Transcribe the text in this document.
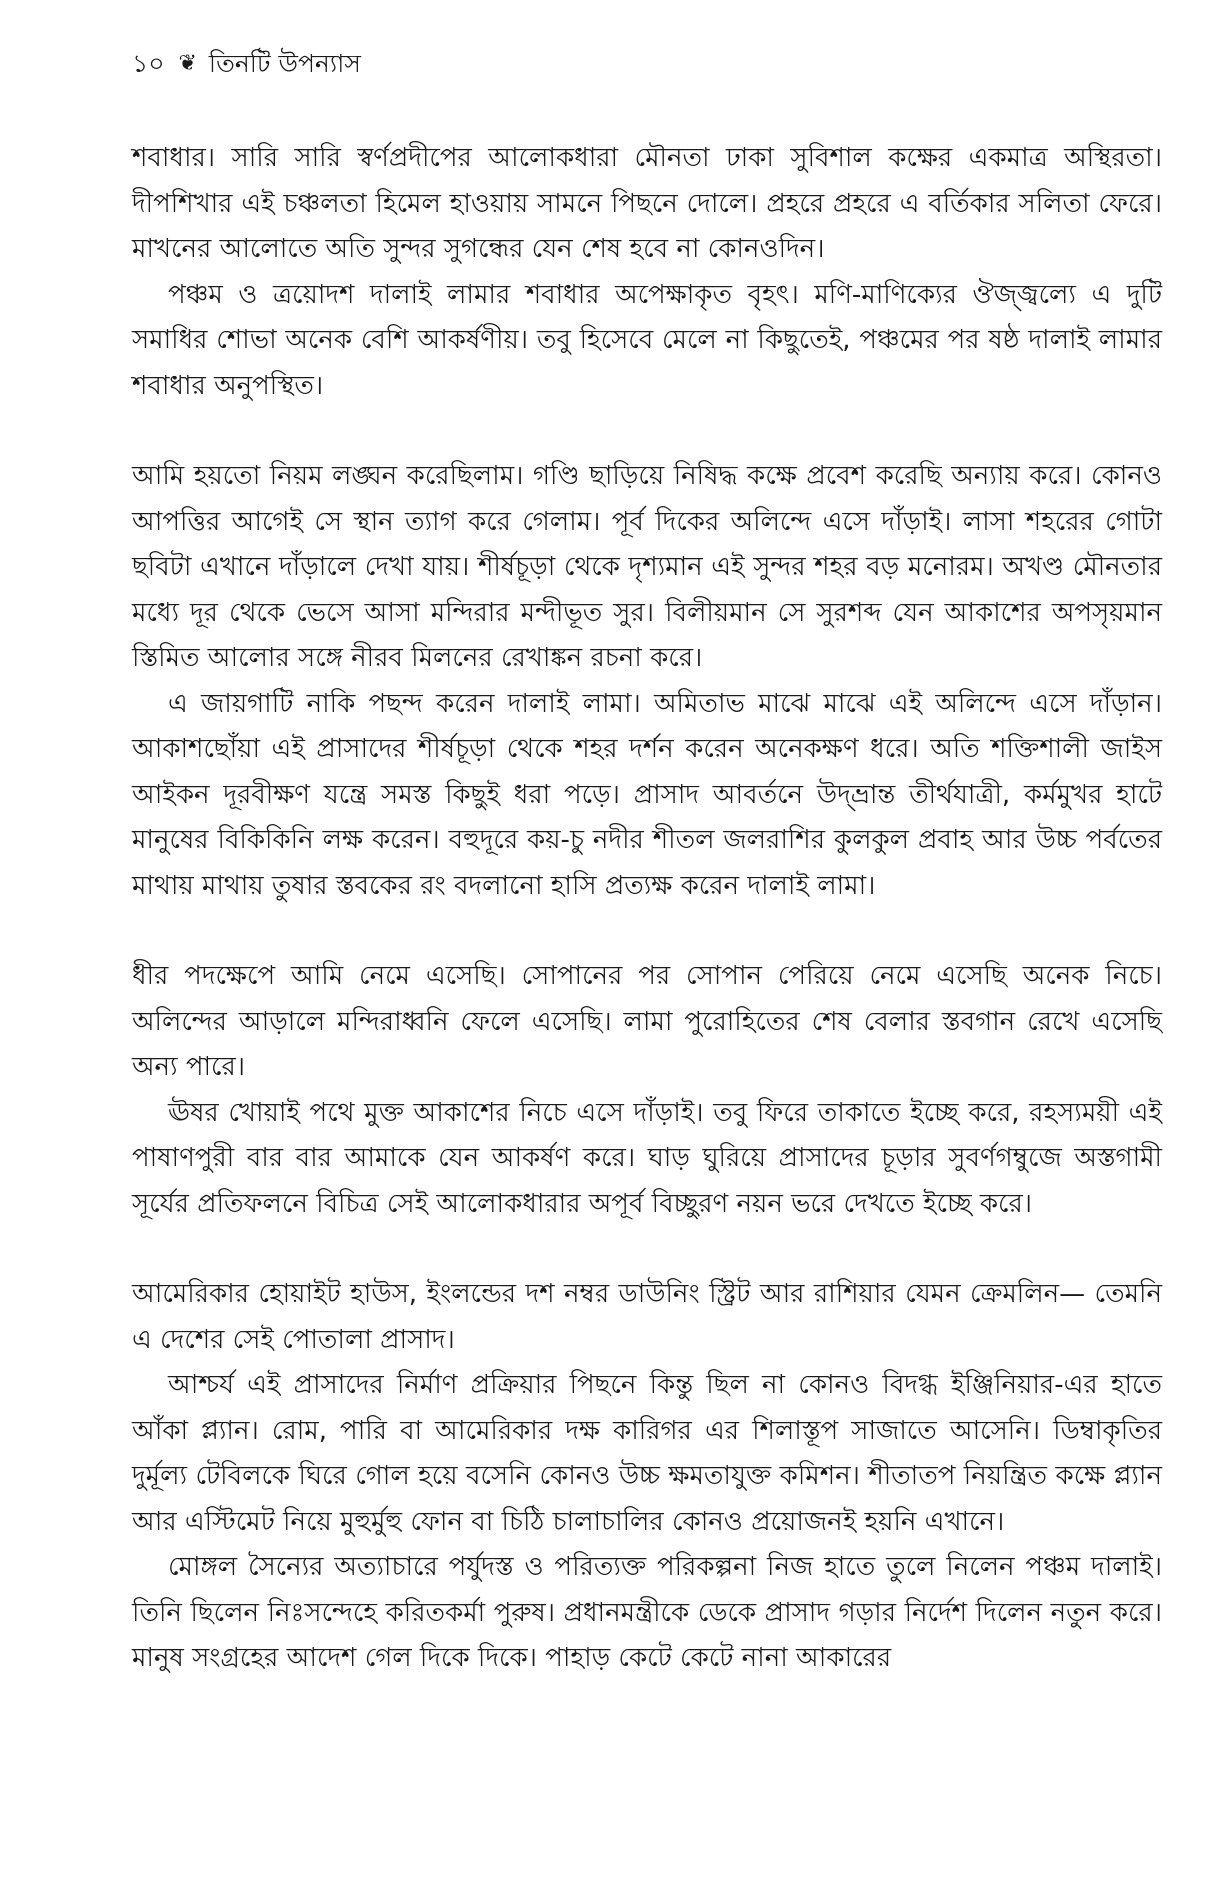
১০ ❦ তিনটি উপন্যাস

শবাধার। সারি সারি স্বর্ণপ্রদীপের আলোকধারা মৌনতা ঢাকা সুবিশাল কক্ষের একমাত্র অস্থিরতা। দীপশিখার এই চঞ্চলতা হিমেল হাওয়ায় সামনে পিছনে দোলে। প্রহরে প্রহরে এ বর্তিকার সলিতা ফেরে। মাখনের আলোতে অতি সুন্দর সুগন্ধের যেন শেষ হবে না কোনওদিন।

পঞ্চম ও ত্রয়োদশ দালাই লামার শবাধার অপেক্ষাকৃত বৃহৎ। মণি-মাণিক্যের ঔজ্জ্বল্যে এ দুটি সমাধির শোভা অনেক বেশি আকর্ষণীয়। তবু হিসেবে মেলে না কিছুতেই, পঞ্চমের পর ষষ্ঠ দালাই লামার শবাধার অনুপস্থিত।

আমি হয়তো নিয়ম লঙ্ঘন করেছিলাম। গণ্ডি ছাড়িয়ে নিষিদ্ধ কক্ষে প্রবেশ করেছি অন্যায় করে। কোনও আপত্তির আগেই সে স্থান ত্যাগ করে গেলাম। পূর্ব দিকের অলিন্দে এসে দাঁড়াই। লাসা শহরের গোটা ছবিটা এখানে দাঁড়ালে দেখা যায়। শীর্ষচূড়া থেকে দৃশ্যমান এই সুন্দর শহর বড় মনোরম। অখণ্ড মৌনতার মধ্যে দূর থেকে ভেসে আসা মন্দিরার মন্দীভূত সুর। বিলীয়মান সে সুরশব্দ যেন আকাশের অপসৃয়মান স্তিমিত আলোর সঙ্গে নীরব মিলনের রেখাঙ্কন রচনা করে।

এ জায়গাটি নাকি পছন্দ করেন দালাই লামা। অমিতাভ মাঝে মাঝে এই অলিন্দে এসে দাঁড়ান। আকাশছোঁয়া এই প্রাসাদের শীর্ষচূড়া থেকে শহর দর্শন করেন অনেকক্ষণ ধরে। অতি শক্তিশালী জাইস আইকন দূরবীক্ষণ যন্ত্রে সমস্ত কিছুই ধরা পড়ে। প্রাসাদ আবর্তনে উদ্‌ভ্রান্ত তীর্থযাত্রী, কর্মমুখর হাটে মানুষের বিকিকিনি লক্ষ করেন। বহুদূরে কয়-চু নদীর শীতল জলরাশির কুলকুল প্রবাহ আর উচ্চ পর্বতের মাথায় মাথায় তুষার স্তবকের রং বদলানো হাসি প্রত্যক্ষ করেন দালাই লামা।

ধীর পদক্ষেপে আমি নেমে এসেছি। সোপানের পর সোপান পেরিয়ে নেমে এসেছি অনেক নিচে। অলিন্দের আড়ালে মন্দিরাধ্বনি ফেলে এসেছি। লামা পুরোহিতের শেষ বেলার স্তবগান রেখে এসেছি অন্য পারে।

ঊষর খোয়াই পথে মুক্ত আকাশের নিচে এসে দাঁড়াই। তবু ফিরে তাকাতে ইচ্ছে করে, রহস্যময়ী এই পাষাণপুরী বার বার আমাকে যেন আকর্ষণ করে। ঘাড় ঘুরিয়ে প্রাসাদের চূড়ার সুবর্ণগম্বুজে অস্তগামী সূর্যের প্রতিফলনে বিচিত্র সেই আলোকধারার অপূর্ব বিচ্ছুরণ নয়ন ভরে দেখতে ইচ্ছে করে।

আমেরিকার হোয়াইট হাউস, ইংলন্ডের দশ নম্বর ডাউনিং স্ট্রিট আর রাশিয়ার যেমন ক্রেমলিন— তেমনি এ দেশের সেই পোতালা প্রাসাদ।

আশ্চর্য এই প্রাসাদের নির্মাণ প্রক্রিয়ার পিছনে কিন্তু ছিল না কোনও বিদগ্ধ ইঞ্জিনিয়ার-এর হাতে আঁকা প্ল্যান। রোম, পারি বা আমেরিকার দক্ষ কারিগর এর শিলাস্তূপ সাজাতে আসেনি। ডিম্বাকৃতির দুর্মূল্য টেবিলকে ঘিরে গোল হয়ে বসেনি কোনও উচ্চ ক্ষমতাযুক্ত কমিশন। শীতাতপ নিয়ন্ত্রিত কক্ষে প্ল্যান আর এস্টিমেট নিয়ে মুহুর্মুহু ফোন বা চিঠি চালাচালির কোনও প্রয়োজনই হয়নি এখানে।

মোঙ্গল সৈন্যের অত্যাচারে পর্যুদস্ত ও পরিত্যক্ত পরিকল্পনা নিজ হাতে তুলে নিলেন পঞ্চম দালাই। তিনি ছিলেন নিঃসন্দেহে করিতকর্মা পুরুষ। প্রধানমন্ত্রীকে ডেকে প্রাসাদ গড়ার নির্দেশ দিলেন নতুন করে। মানুষ সংগ্রহের আদেশ গেল দিকে দিকে। পাহাড় কেটে কেটে নানা আকারের
